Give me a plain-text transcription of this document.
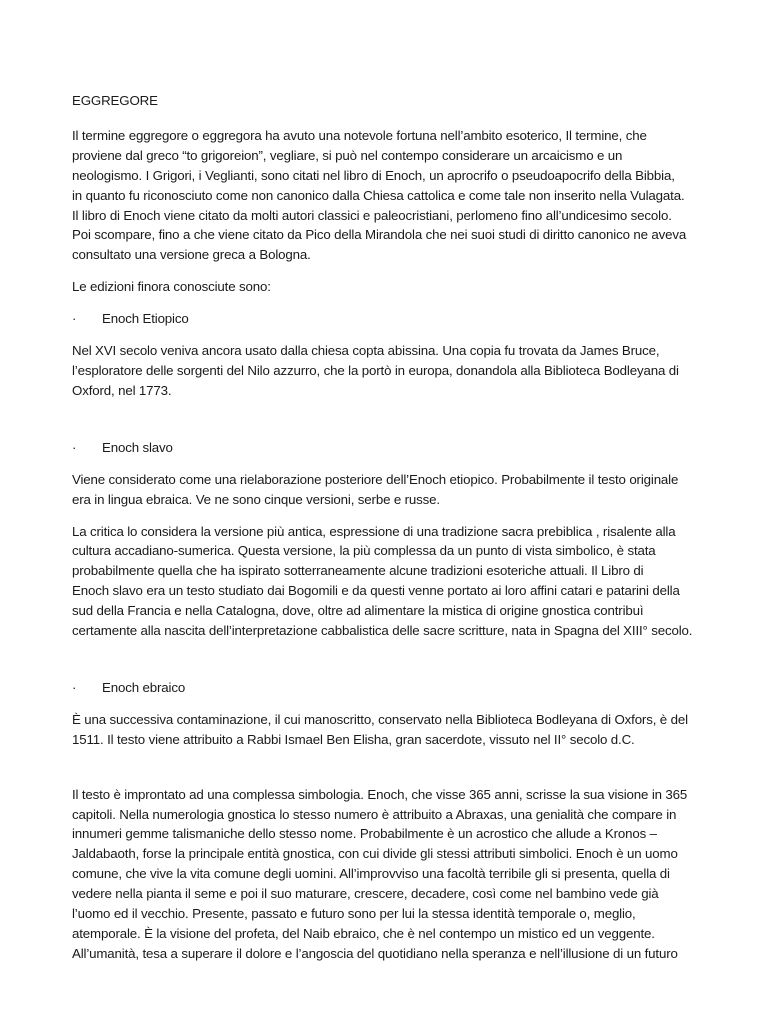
EGGREGORE
Il termine eggregore o eggregora ha avuto una notevole fortuna nell’ambito esoterico, Il termine, che
proviene dal greco “to grigoreion”, vegliare, si può nel contempo considerare un arcaicismo e un
neologismo. I Grigori, i Veglianti, sono citati nel libro di Enoch, un aprocrifo o pseudoapocrifo della Bibbia,
in quanto fu riconosciuto come non canonico dalla Chiesa cattolica e come tale non inserito nella Vulagata.
Il libro di Enoch viene citato da molti autori classici e paleocristiani, perlomeno fino all’undicesimo secolo.
Poi scompare, fino a che viene citato da Pico della Mirandola che nei suoi studi di diritto canonico ne aveva
consultato una versione greca a Bologna.
Le edizioni finora conosciute sono:
·	Enoch Etiopico
Nel XVI secolo veniva ancora usato dalla chiesa copta abissina. Una copia fu trovata da James Bruce,
l’esploratore delle sorgenti del Nilo azzurro, che la portò in europa, donandola alla Biblioteca Bodleyana di
Oxford, nel 1773.
·	Enoch slavo
Viene considerato come una rielaborazione posteriore dell’Enoch etiopico. Probabilmente il testo originale
era in lingua ebraica. Ve ne sono cinque versioni, serbe e russe.
La critica lo considera la versione più antica, espressione di una tradizione sacra prebiblica , risalente alla
cultura accadiano-sumerica. Questa versione, la più complessa da un punto di vista simbolico, è stata
probabilmente quella che ha ispirato sotterraneamente alcune tradizioni esoteriche attuali. Il Libro di
Enoch slavo era un testo studiato dai Bogomili e da questi venne portato ai loro affini catari e patarini della
sud della Francia e nella Catalogna, dove, oltre ad alimentare la mistica di origine gnostica contribuì
certamente alla nascita dell’interpretazione cabbalistica delle sacre scritture, nata in Spagna del XIII° secolo.
·	Enoch ebraico
È una successiva contaminazione, il cui manoscritto, conservato nella Biblioteca Bodleyana di Oxfors, è del
1511. Il testo viene attribuito a Rabbi Ismael Ben Elisha, gran sacerdote, vissuto nel II° secolo d.C.
Il testo è improntato ad una complessa simbologia. Enoch, che visse 365 anni, scrisse la sua visione in 365
capitoli. Nella numerologia gnostica lo stesso numero è attribuito a Abraxas, una genialità che compare in
innumeri gemme talismaniche dello stesso nome. Probabilmente è un acrostico che allude a Kronos –
Jaldabaoth, forse la principale entità gnostica, con cui divide gli stessi attributi simbolici. Enoch è un uomo
comune, che vive la vita comune degli uomini. All’improvviso una facoltà terribile gli si presenta, quella di
vedere nella pianta il seme e poi il suo maturare, crescere, decadere, così come nel bambino vede già
l’uomo ed il vecchio. Presente, passato e futuro sono per lui la stessa identità temporale o, meglio,
atemporale. È la visione del profeta, del Naib ebraico, che è nel contempo un mistico ed un veggente.
All’umanità, tesa a superare il dolore e l’angoscia del quotidiano nella speranza e nell’illusione di un futuro
